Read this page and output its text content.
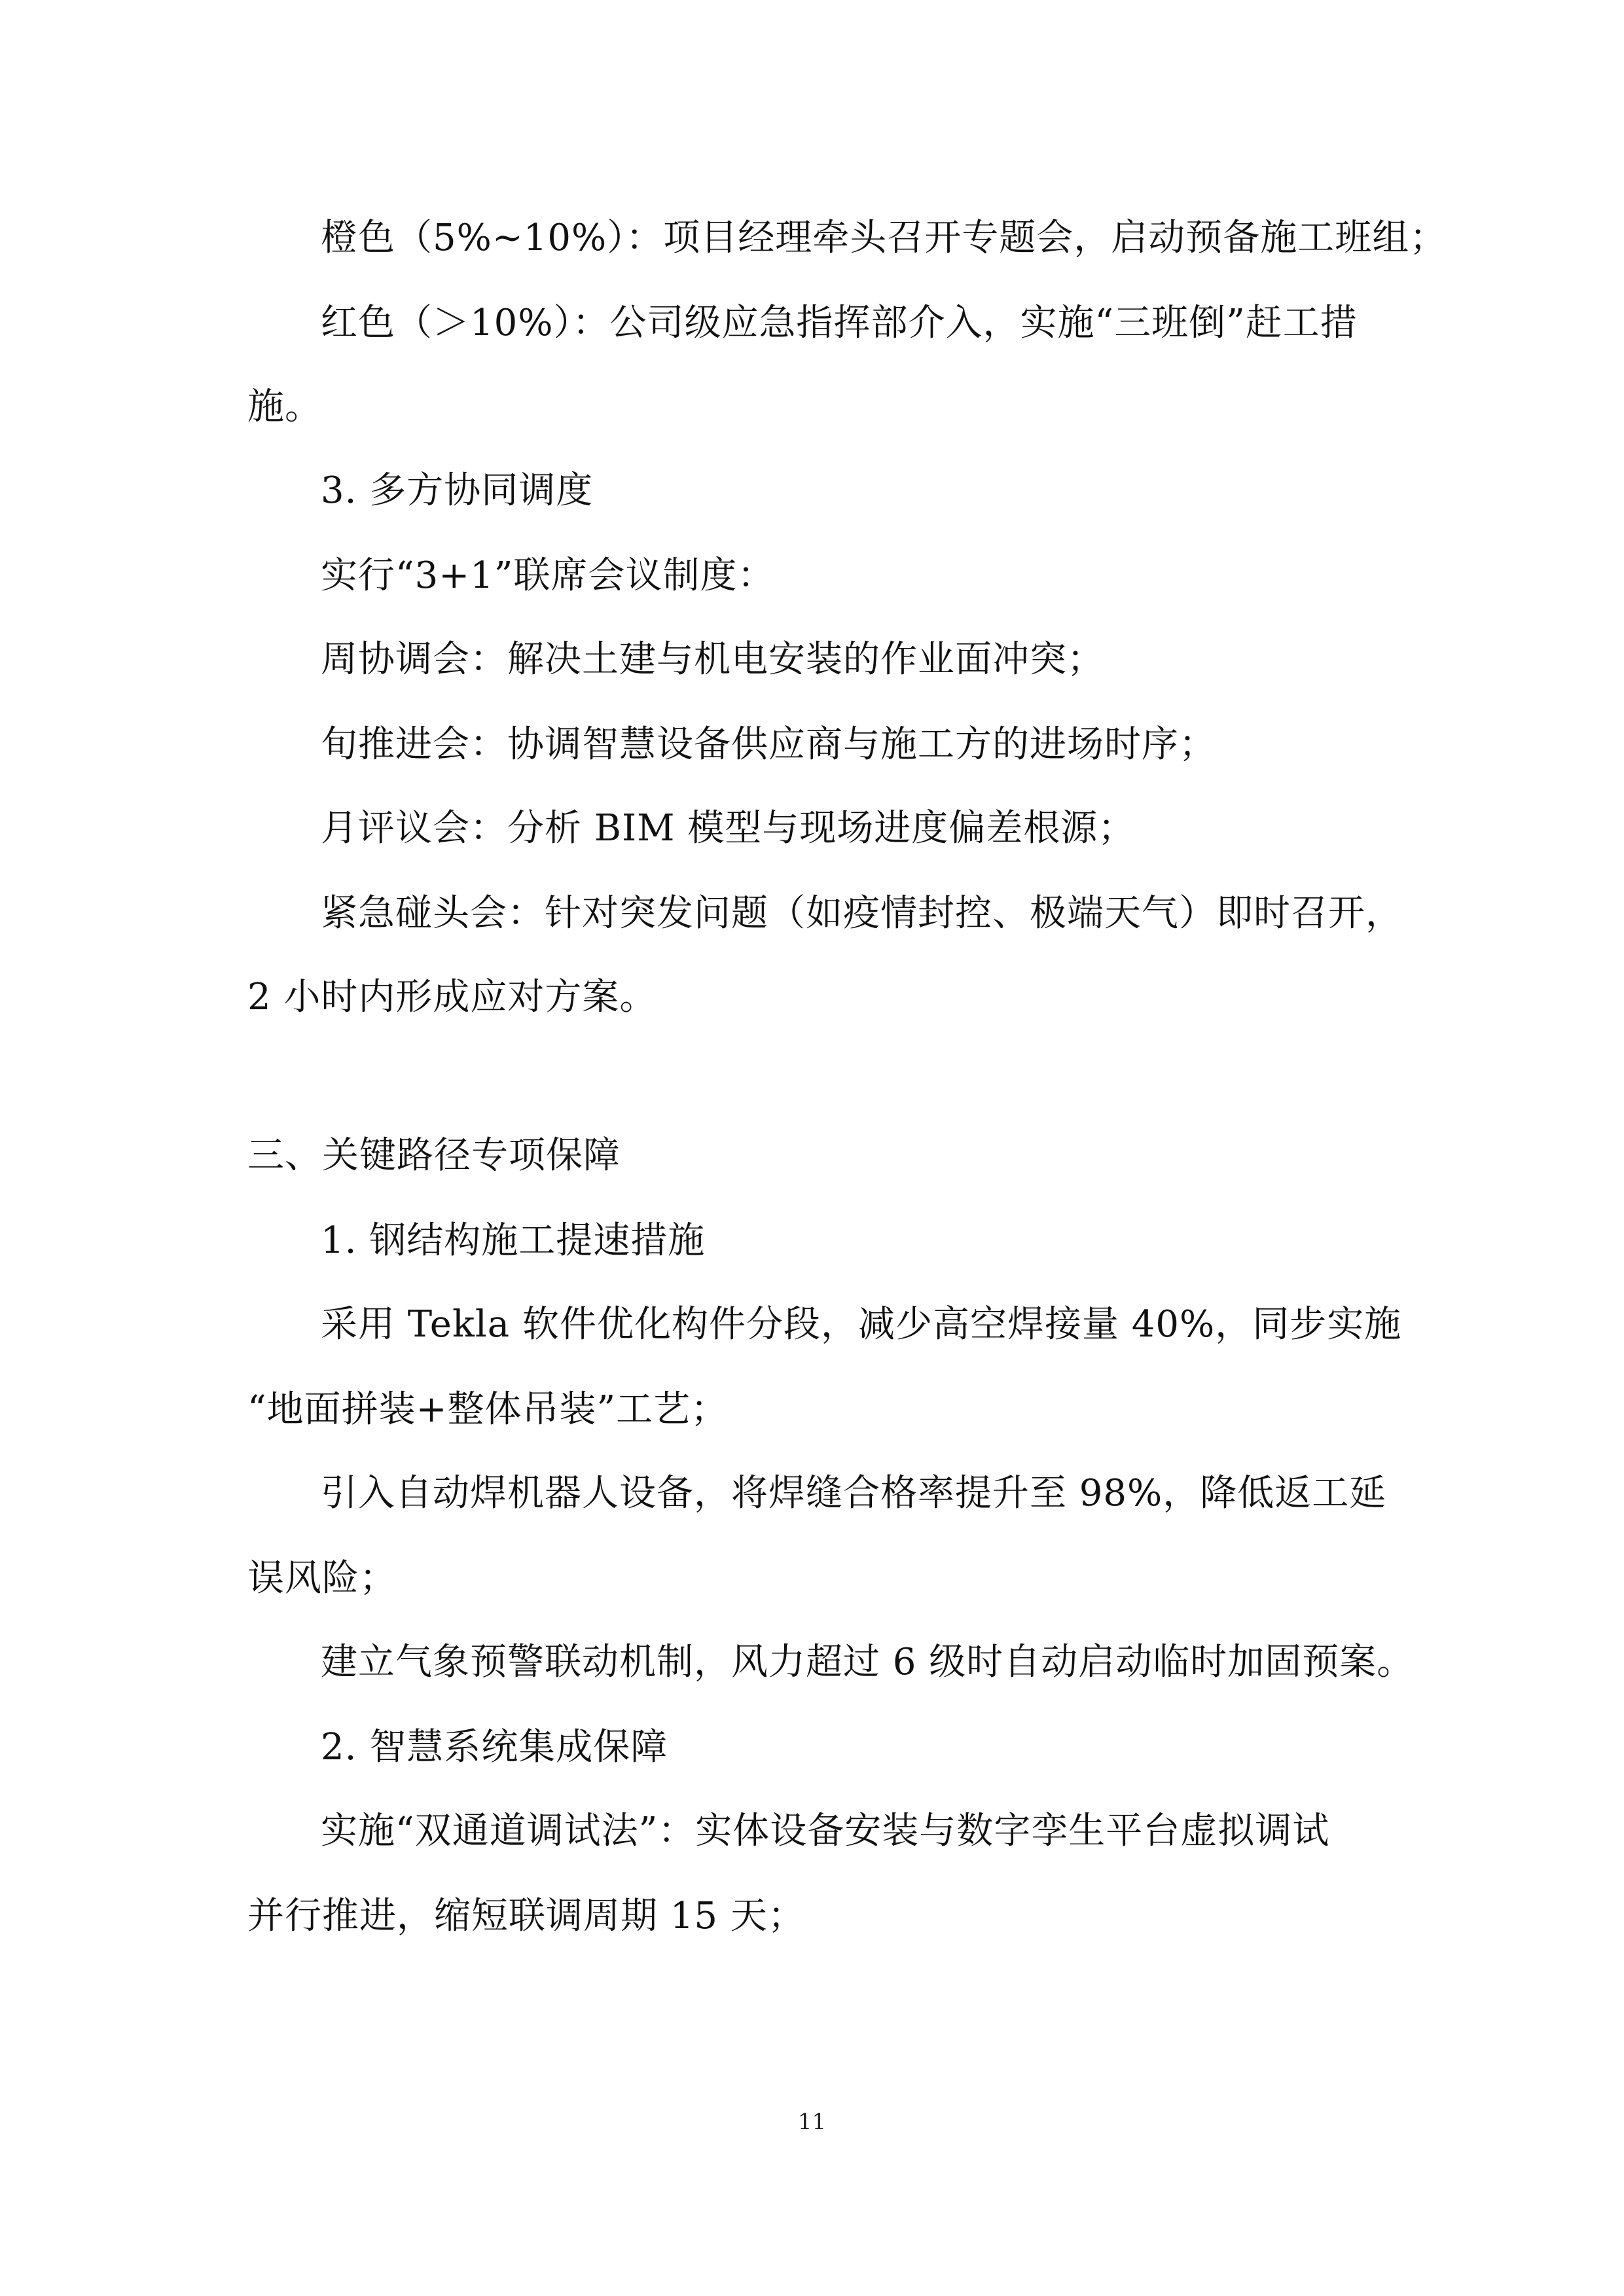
橙色（5%~10%）：项目经理牵头召开专题会，启动预备施工班组；
红色（＞10%）：公司级应急指挥部介入，实施“三班倒”赶工措
施。
3. 多方协同调度
实行“3+1”联席会议制度：
周协调会：解决土建与机电安装的作业面冲突；
旬推进会：协调智慧设备供应商与施工方的进场时序；
月评议会：分析 BIM 模型与现场进度偏差根源；
紧急碰头会：针对突发问题（如疫情封控、极端天气）即时召开，
2 小时内形成应对方案。
三、关键路径专项保障
1. 钢结构施工提速措施
采用 Tekla 软件优化构件分段，减少高空焊接量 40%，同步实施
“地面拼装+整体吊装”工艺；
引入自动焊机器人设备，将焊缝合格率提升至 98%，降低返工延
误风险；
建立气象预警联动机制，风力超过 6 级时自动启动临时加固预案。
2. 智慧系统集成保障
实施“双通道调试法”：实体设备安装与数字孪生平台虚拟调试
并行推进，缩短联调周期 15 天；
11
